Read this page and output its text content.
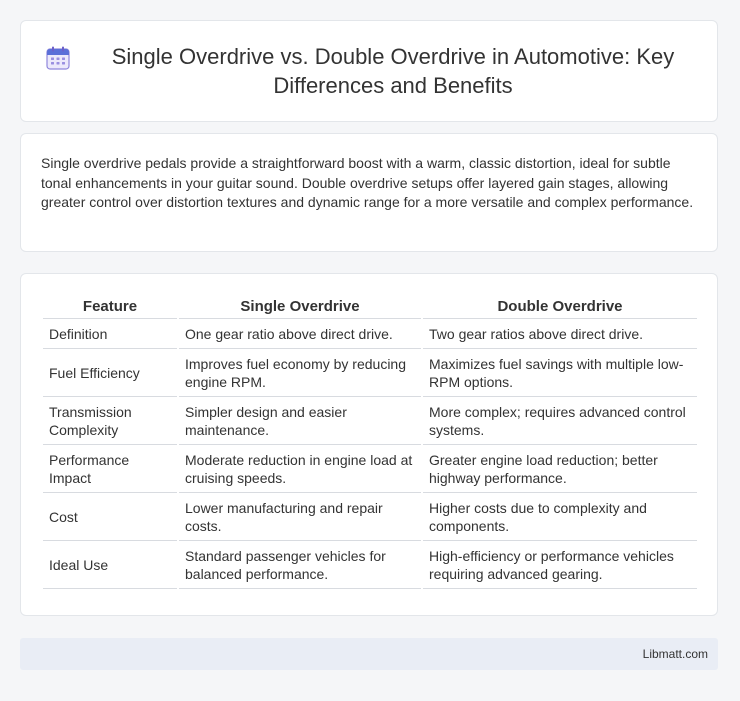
Single Overdrive vs. Double Overdrive in Automotive: Key Differences and Benefits

Single overdrive pedals provide a straightforward boost with a warm, classic distortion, ideal for subtle tonal enhancements in your guitar sound. Double overdrive setups offer layered gain stages, allowing greater control over distortion textures and dynamic range for a more versatile and complex performance.

Feature	Single Overdrive	Double Overdrive
Definition	One gear ratio above direct drive.	Two gear ratios above direct drive.
Fuel Efficiency	Improves fuel economy by reducing engine RPM.	Maximizes fuel savings with multiple low-RPM options.
Transmission Complexity	Simpler design and easier maintenance.	More complex; requires advanced control systems.
Performance Impact	Moderate reduction in engine load at cruising speeds.	Greater engine load reduction; better highway performance.
Cost	Lower manufacturing and repair costs.	Higher costs due to complexity and components.
Ideal Use	Standard passenger vehicles for balanced performance.	High-efficiency or performance vehicles requiring advanced gearing.
Libmatt.com
